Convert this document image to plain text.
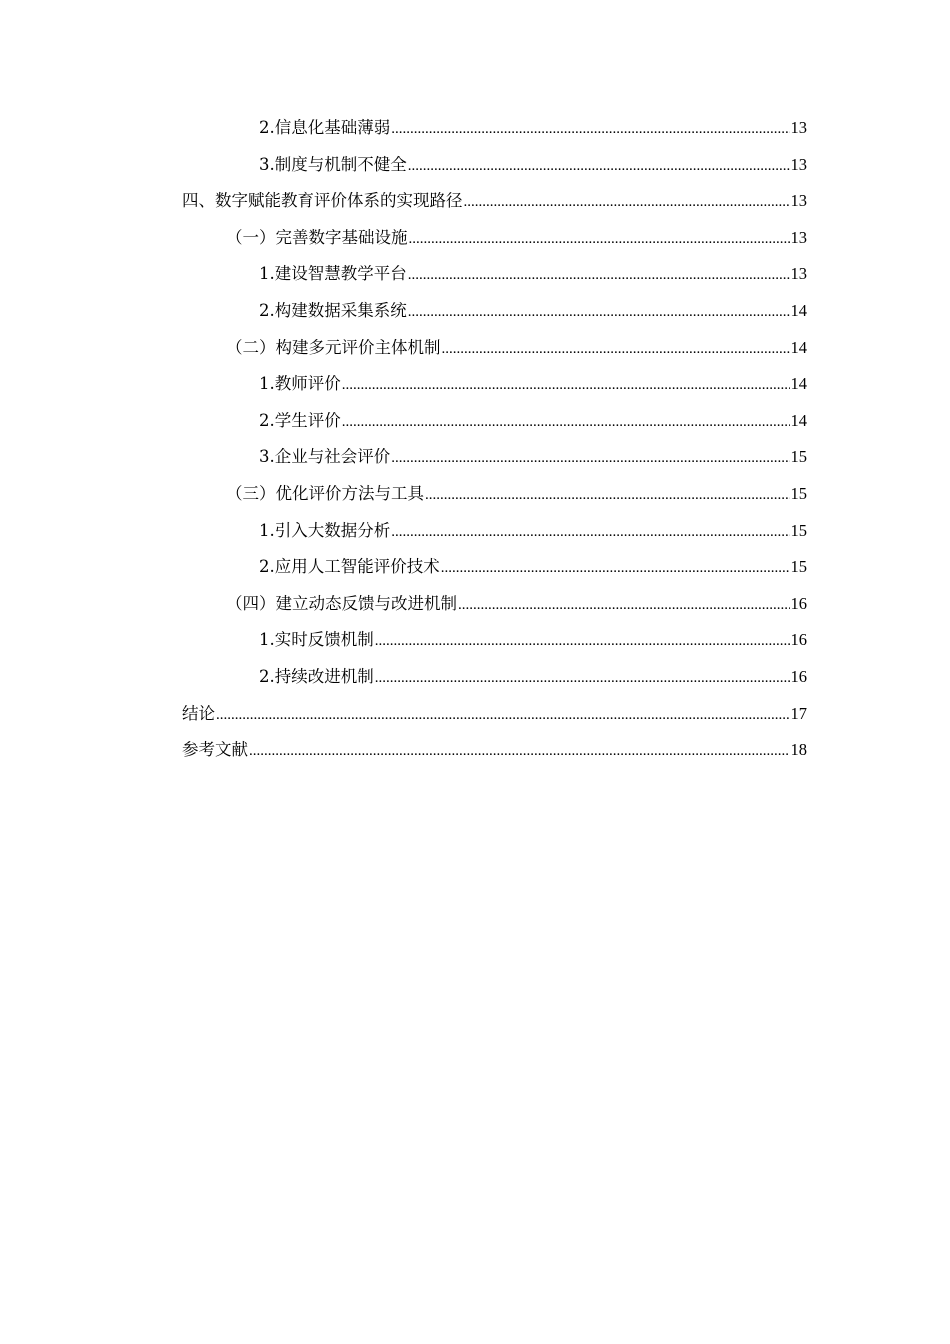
2.信息化基础薄弱 .....	13
3.制度与机制不健全 .....	13
四、数字赋能教育评价体系的实现路径 .....	13
（一）完善数字基础设施 .....	13
1.建设智慧教学平台 .....	13
2.构建数据采集系统 .....	14
（二）构建多元评价主体机制 .....	14
1.教师评价 .....	14
2.学生评价 .....	14
3.企业与社会评价 .....	15
（三）优化评价方法与工具 .....	15
1.引入大数据分析 .....	15
2.应用人工智能评价技术 .....	15
（四）建立动态反馈与改进机制 .....	16
1.实时反馈机制 .....	16
2.持续改进机制 .....	16
结论 .....	17
参考文献 .....	18
